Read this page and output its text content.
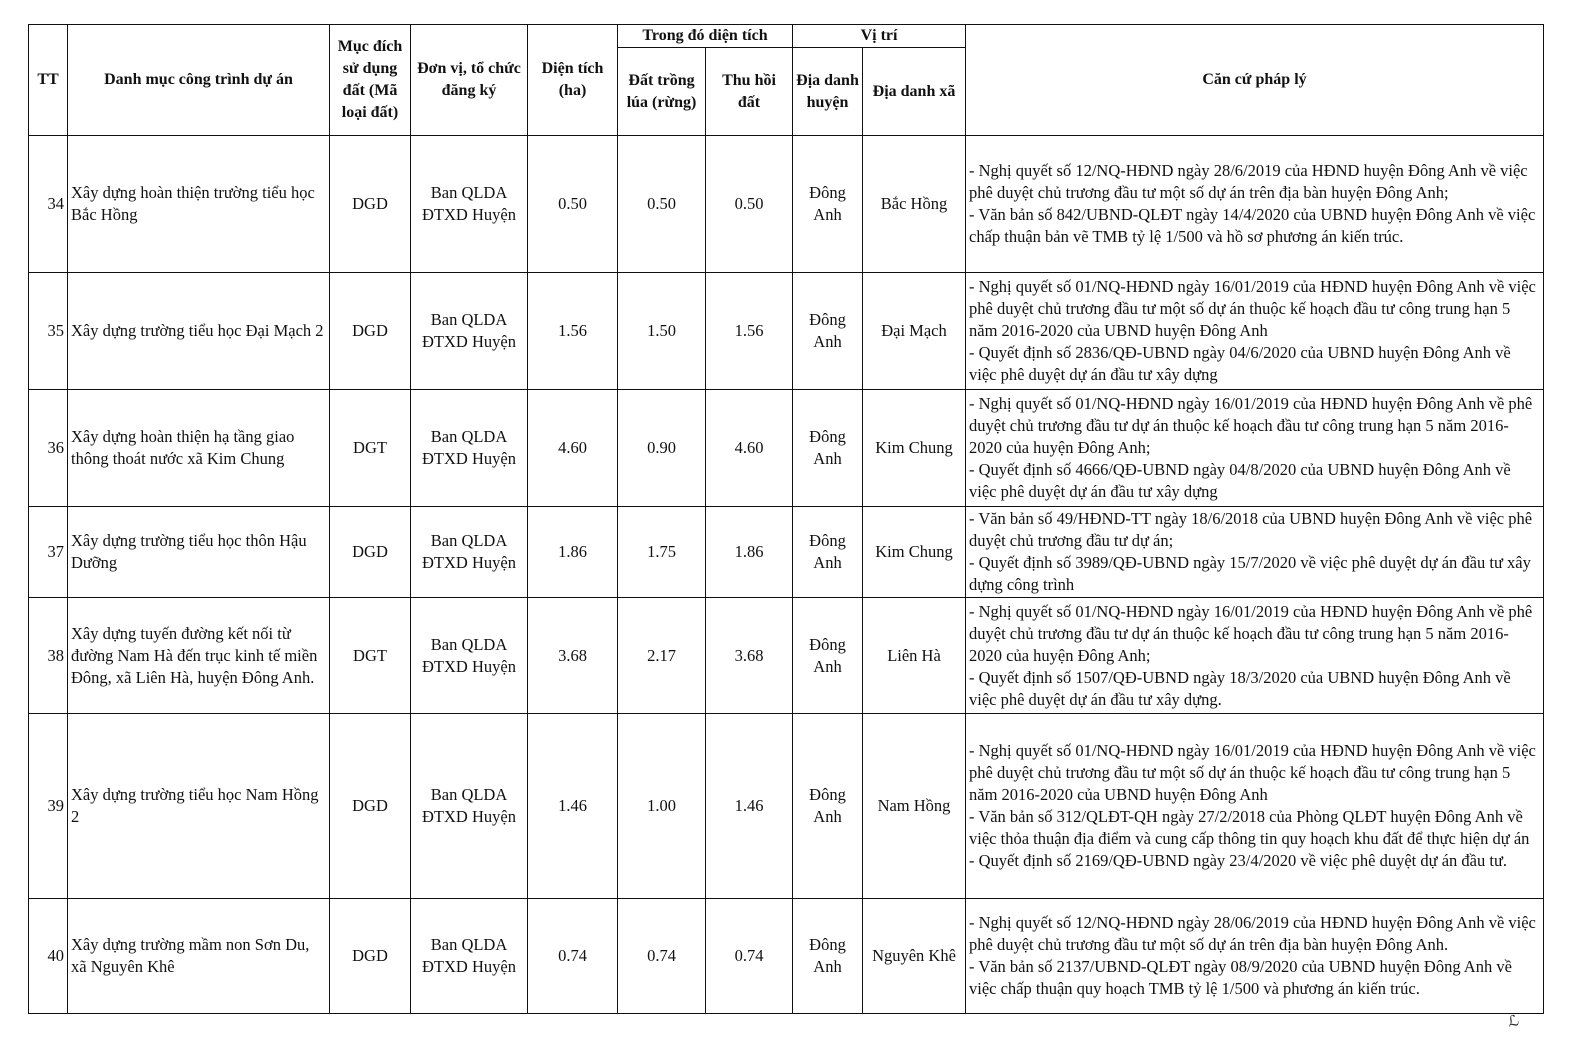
TT	Danh mục công trình dự án	Mục đích sử dụng đất (Mã loại đất)	Đơn vị, tổ chức đăng ký	Diện tích (ha)	Trong đó diện tích		Vị trí		Căn cứ pháp lý
					Đất trồng lúa (rừng)	Thu hồi đất	Địa danh huyện	Địa danh xã	
34	Xây dựng hoàn thiện trường tiểu học Bắc Hồng	DGD	Ban QLDA ĐTXD Huyện	0.50	0.50	0.50	Đông Anh	Bắc Hồng	- Nghị quyết số 12/NQ-HĐND ngày 28/6/2019 của HĐND huyện Đông Anh về việc phê duyệt chủ trương đầu tư một số dự án trên địa bàn huyện Đông Anh;
- Văn bản số 842/UBND-QLĐT ngày 14/4/2020 của UBND huyện Đông Anh về việc chấp thuận bản vẽ TMB tỷ lệ 1/500 và hồ sơ phương án kiến trúc.

35	Xây dựng trường tiểu học Đại Mạch 2	DGD	Ban QLDA ĐTXD Huyện	1.56	1.50	1.56	Đông Anh	Đại Mạch	- Nghị quyết số 01/NQ-HĐND ngày 16/01/2019 của HĐND huyện Đông Anh về việc phê duyệt chủ trương đầu tư một số dự án thuộc kế hoạch đầu tư công trung hạn 5 năm 2016-2020 của UBND huyện Đông Anh
- Quyết định số 2836/QĐ-UBND ngày 04/6/2020 của UBND huyện Đông Anh về việc phê duyệt dự án đầu tư xây dựng

36	Xây dựng hoàn thiện hạ tầng giao thông thoát nước xã Kim Chung	DGT	Ban QLDA ĐTXD Huyện	4.60	0.90	4.60	Đông Anh	Kim Chung	- Nghị quyết số 01/NQ-HĐND ngày 16/01/2019 của HĐND huyện Đông Anh về phê duyệt chủ trương đầu tư dự án thuộc kế hoạch đầu tư công trung hạn 5 năm 2016-2020 của huyện Đông Anh;
- Quyết định số 4666/QĐ-UBND ngày 04/8/2020 của UBND huyện Đông Anh về việc phê duyệt dự án đầu tư xây dựng

37	Xây dựng trường tiểu học thôn Hậu Dưỡng	DGD	Ban QLDA ĐTXD Huyện	1.86	1.75	1.86	Đông Anh	Kim Chung	- Văn bản số 49/HĐND-TT ngày 18/6/2018 của UBND huyện Đông Anh về việc phê duyệt chủ trương đầu tư dự án;
- Quyết định số 3989/QĐ-UBND ngày 15/7/2020 về việc phê duyệt dự án đầu tư xây dựng công trình

38	Xây dựng tuyến đường kết nối từ đường Nam Hà đến trục kinh tế miền Đông, xã Liên Hà, huyện Đông Anh.	DGT	Ban QLDA ĐTXD Huyện	3.68	2.17	3.68	Đông Anh	Liên Hà	- Nghị quyết số 01/NQ-HĐND ngày 16/01/2019 của HĐND huyện Đông Anh về phê duyệt chủ trương đầu tư dự án thuộc kế hoạch đầu tư công trung hạn 5 năm 2016-2020 của huyện Đông Anh;
- Quyết định số 1507/QĐ-UBND ngày 18/3/2020 của UBND huyện Đông Anh về việc phê duyệt dự án đầu tư xây dựng.

39	Xây dựng trường tiểu học Nam Hồng 2	DGD	Ban QLDA ĐTXD Huyện	1.46	1.00	1.46	Đông Anh	Nam Hồng	- Nghị quyết số 01/NQ-HĐND ngày 16/01/2019 của HĐND huyện Đông Anh về việc phê duyệt chủ trương đầu tư một số dự án thuộc kế hoạch đầu tư công trung hạn 5 năm 2016-2020 của UBND huyện Đông Anh
- Văn bản số 312/QLĐT-QH ngày 27/2/2018 của Phòng QLĐT huyện Đông Anh về việc thỏa thuận địa điểm và cung cấp thông tin quy hoạch khu đất để thực hiện dự án
- Quyết định số 2169/QĐ-UBND ngày 23/4/2020 về việc phê duyệt dự án đầu tư.

40	Xây dựng trường mầm non Sơn Du, xã Nguyên Khê	DGD	Ban QLDA ĐTXD Huyện	0.74	0.74	0.74	Đông Anh	Nguyên Khê	- Nghị quyết số 12/NQ-HĐND ngày 28/06/2019 của HĐND huyện Đông Anh về việc phê duyệt chủ trương đầu tư một số dự án trên địa bàn huyện Đông Anh.
- Văn bản số 2137/UBND-QLĐT ngày 08/9/2020 của UBND huyện Đông Anh về việc chấp thuận quy hoạch TMB tỷ lệ 1/500 và phương án kiến trúc.
ℒ
